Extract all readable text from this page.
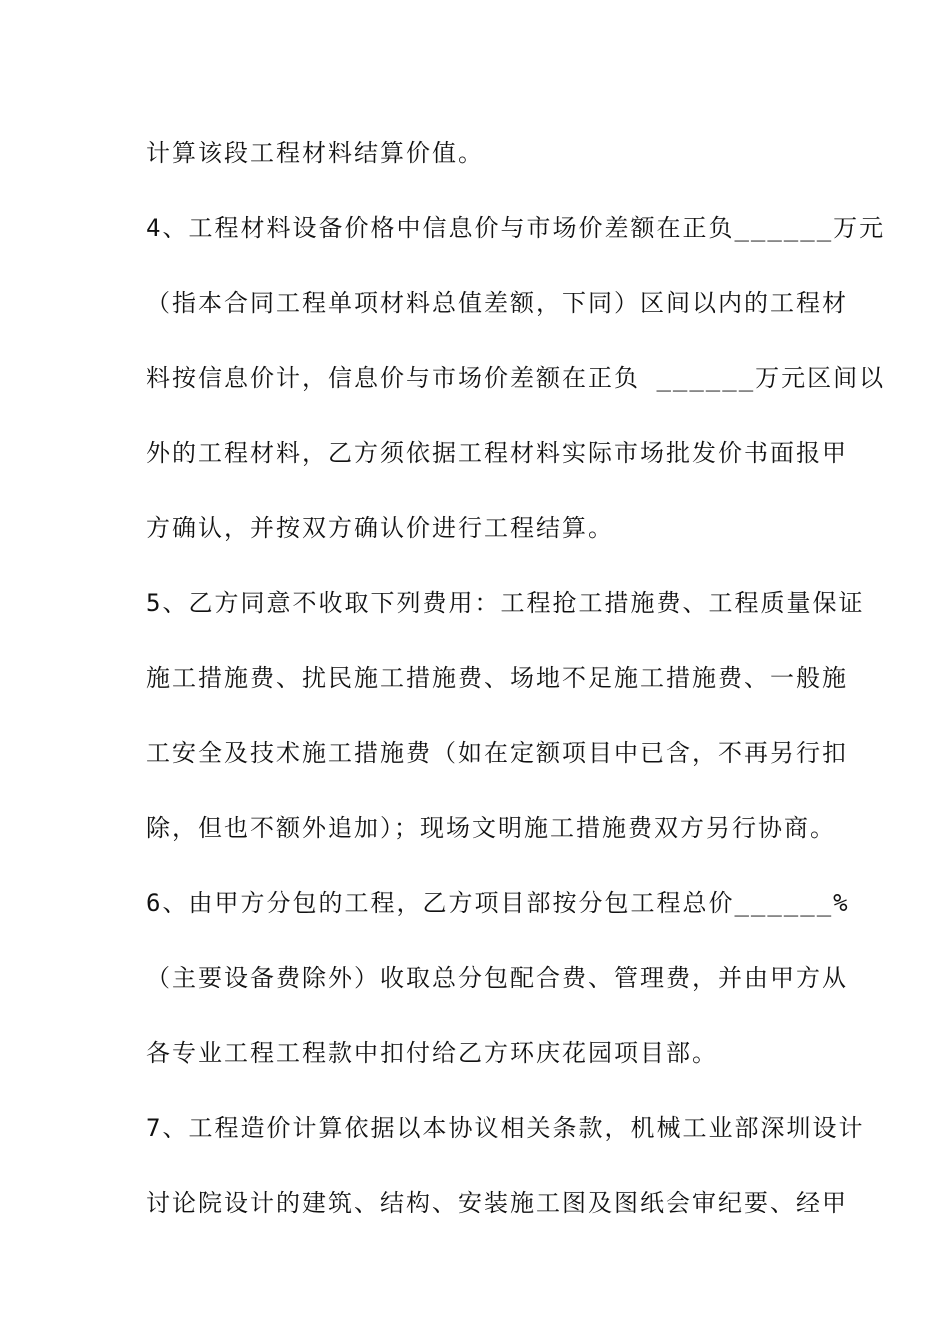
计算该段工程材料结算价值。
4、工程材料设备价格中信息价与市场价差额在正负______万元
（指本合同工程单项材料总值差额，下同）区间以内的工程材
料按信息价计，信息价与市场价差额在正负 ______万元区间以
外的工程材料，乙方须依据工程材料实际市场批发价书面报甲
方确认，并按双方确认价进行工程结算。
5、乙方同意不收取下列费用：工程抢工措施费、工程质量保证
施工措施费、扰民施工措施费、场地不足施工措施费、一般施
工安全及技术施工措施费（如在定额项目中已含，不再另行扣
除，但也不额外追加）；现场文明施工措施费双方另行协商。
6、由甲方分包的工程，乙方项目部按分包工程总价______%
（主要设备费除外）收取总分包配合费、管理费，并由甲方从
各专业工程工程款中扣付给乙方环庆花园项目部。
7、工程造价计算依据以本协议相关条款，机械工业部深圳设计
讨论院设计的建筑、结构、安装施工图及图纸会审纪要、经甲
